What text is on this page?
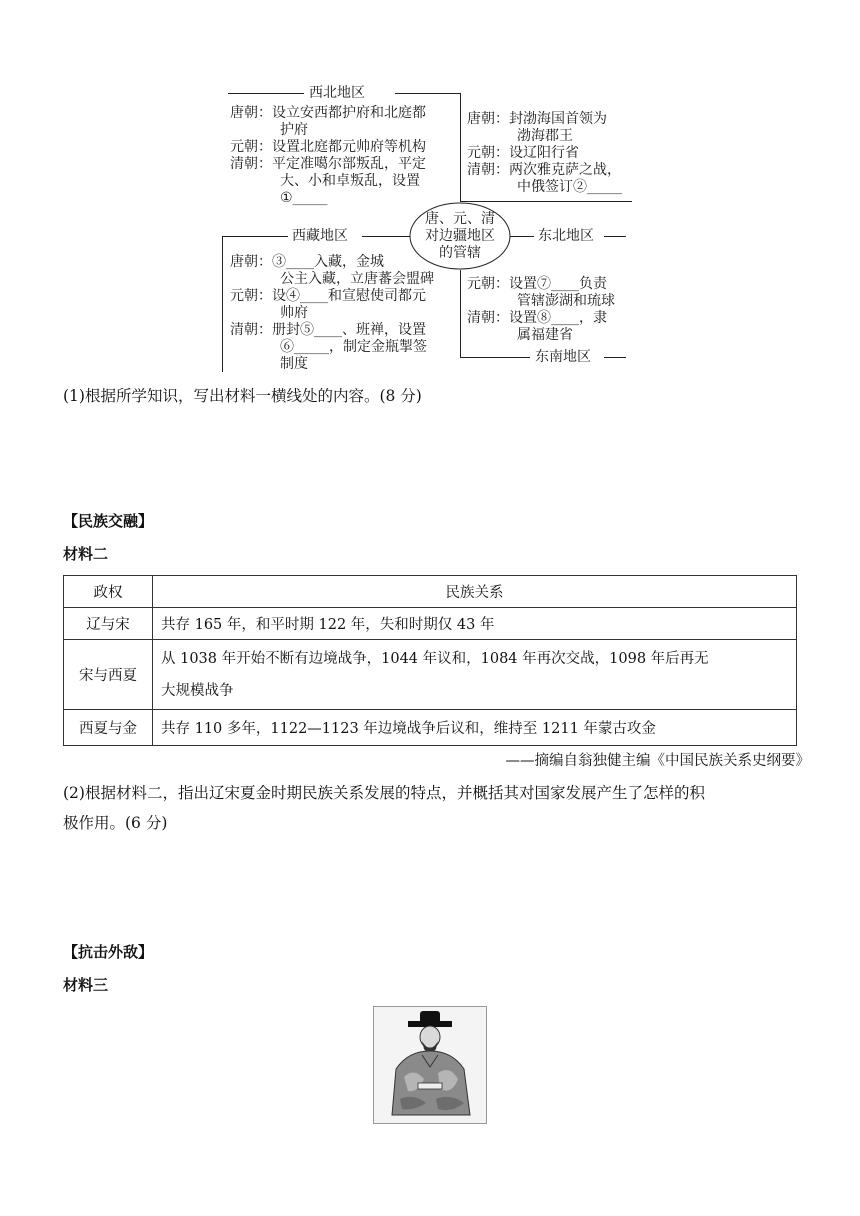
唐、元、清
对边疆地区
的管辖
西北地区
西藏地区	东北地区
东南地区
唐朝：设立安西都护府和北庭都
护府
元朝：设置北庭都元帅府等机构
清朝：平定准噶尔部叛乱，平定
大、小和卓叛乱，设置
①_____
唐朝：封渤海国首领为
渤海郡王
元朝：设辽阳行省
清朝：两次雅克萨之战，
中俄签订②_____
唐朝：③____入藏，金城
公主入藏，立唐蕃会盟碑
元朝：设④____和宣慰使司都元
帅府
清朝：册封⑤____、班禅，设置
⑥_____，制定金瓶掣签
制度
元朝：设置⑦____负责
管辖澎湖和琉球
清朝：设置⑧____，隶
属福建省
(1)根据所学知识，写出材料一横线处的内容。(8 分)
【民族交融】
材料二
政权	民族关系
辽与宋	共存 165 年，和平时期 122 年，失和时期仅 43 年
宋与西夏	从 1038 年开始不断有边境战争，1044 年议和，1084 年再次交战，1098 年后再无
大规模战争

西夏与金	共存 110 多年，1122—1123 年边境战争后议和，维持至 1211 年蒙古攻金
——摘编自翁独健主编《中国民族关系史纲要》
(2)根据材料二，指出辽宋夏金时期民族关系发展的特点，并概括其对国家发展产生了怎样的积
极作用。(6 分)
【抗击外敌】
材料三
